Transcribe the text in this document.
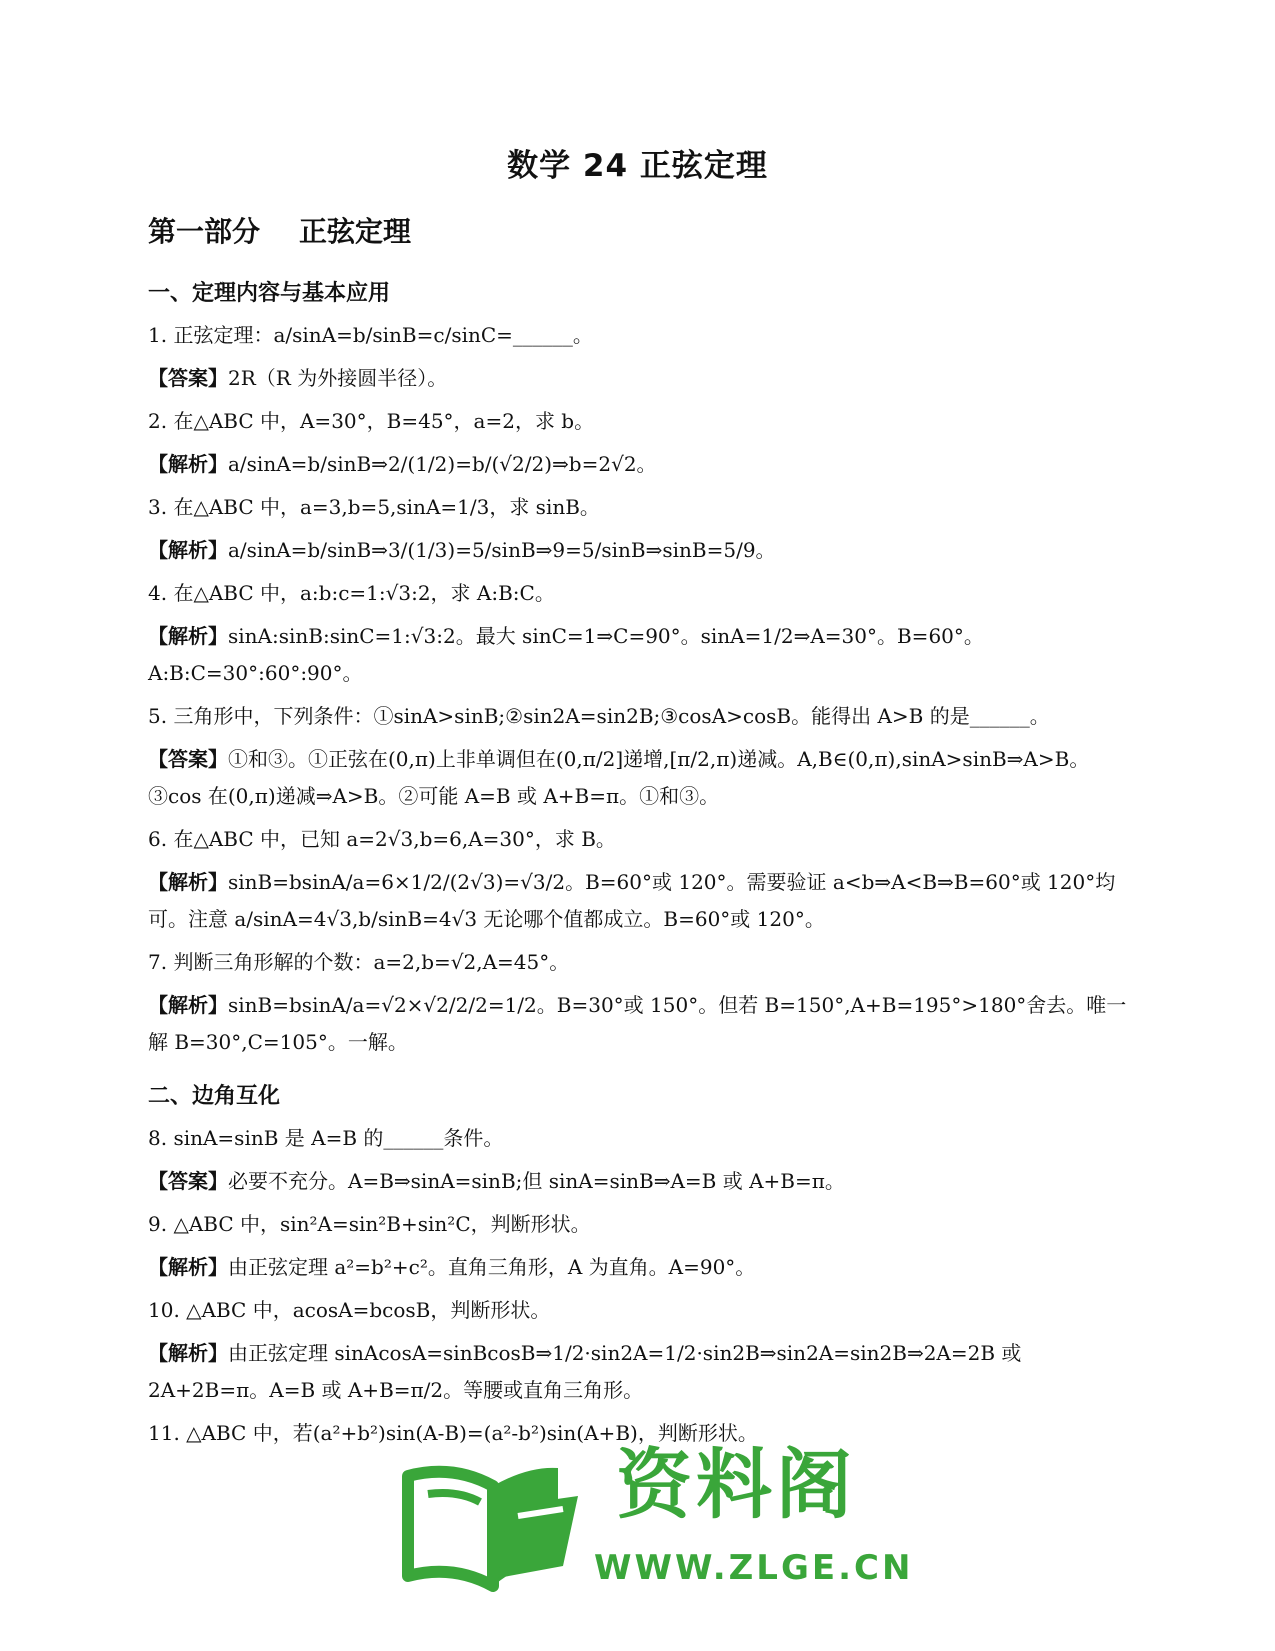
数学 24 正弦定理
第一部分    正弦定理
一、定理内容与基本应用
1. 正弦定理：a/sinA=b/sinB=c/sinC=______。
【答案】2R（R 为外接圆半径）。
2. 在△ABC 中，A=30°，B=45°，a=2，求 b。
【解析】a/sinA=b/sinB⇒2/(1/2)=b/(√2/2)⇒b=2√2。
3. 在△ABC 中，a=3,b=5,sinA=1/3，求 sinB。
【解析】a/sinA=b/sinB⇒3/(1/3)=5/sinB⇒9=5/sinB⇒sinB=5/9。
4. 在△ABC 中，a:b:c=1:√3:2，求 A:B:C。
【解析】sinA:sinB:sinC=1:√3:2。最大 sinC=1⇒C=90°。sinA=1/2⇒A=30°。B=60°。A:B:C=30°:60°:90°。
5. 三角形中，下列条件：①sinA>sinB;②sin2A=sin2B;③cosA>cosB。能得出 A>B 的是______。
【答案】①和③。①正弦在(0,π)上非单调但在(0,π/2]递增,[π/2,π)递减。A,B∈(0,π),sinA>sinB⇒A>B。③cos 在(0,π)递减⇒A>B。②可能 A=B 或 A+B=π。①和③。
6. 在△ABC 中，已知 a=2√3,b=6,A=30°，求 B。
【解析】sinB=bsinA/a=6×1/2/(2√3)=√3/2。B=60°或 120°。需要验证 a<b⇒A<B⇒B=60°或 120°均可。注意 a/sinA=4√3,b/sinB=4√3 无论哪个值都成立。B=60°或 120°。
7. 判断三角形解的个数：a=2,b=√2,A=45°。
【解析】sinB=bsinA/a=√2×√2/2/2=1/2。B=30°或 150°。但若 B=150°,A+B=195°>180°舍去。唯一解 B=30°,C=105°。一解。
二、边角互化
8. sinA=sinB 是 A=B 的______条件。
【答案】必要不充分。A=B⇒sinA=sinB;但 sinA=sinB⇒A=B 或 A+B=π。
9. △ABC 中，sin²A=sin²B+sin²C，判断形状。
【解析】由正弦定理 a²=b²+c²。直角三角形，A 为直角。A=90°。
10. △ABC 中，acosA=bcosB，判断形状。
【解析】由正弦定理 sinAcosA=sinBcosB⇒1/2·sin2A=1/2·sin2B⇒sin2A=sin2B⇒2A=2B 或 2A+2B=π。A=B 或 A+B=π/2。等腰或直角三角形。
11. △ABC 中，若(a²+b²)sin(A-B)=(a²-b²)sin(A+B)，判断形状。
资料阁
WWW.ZLGE.CN
